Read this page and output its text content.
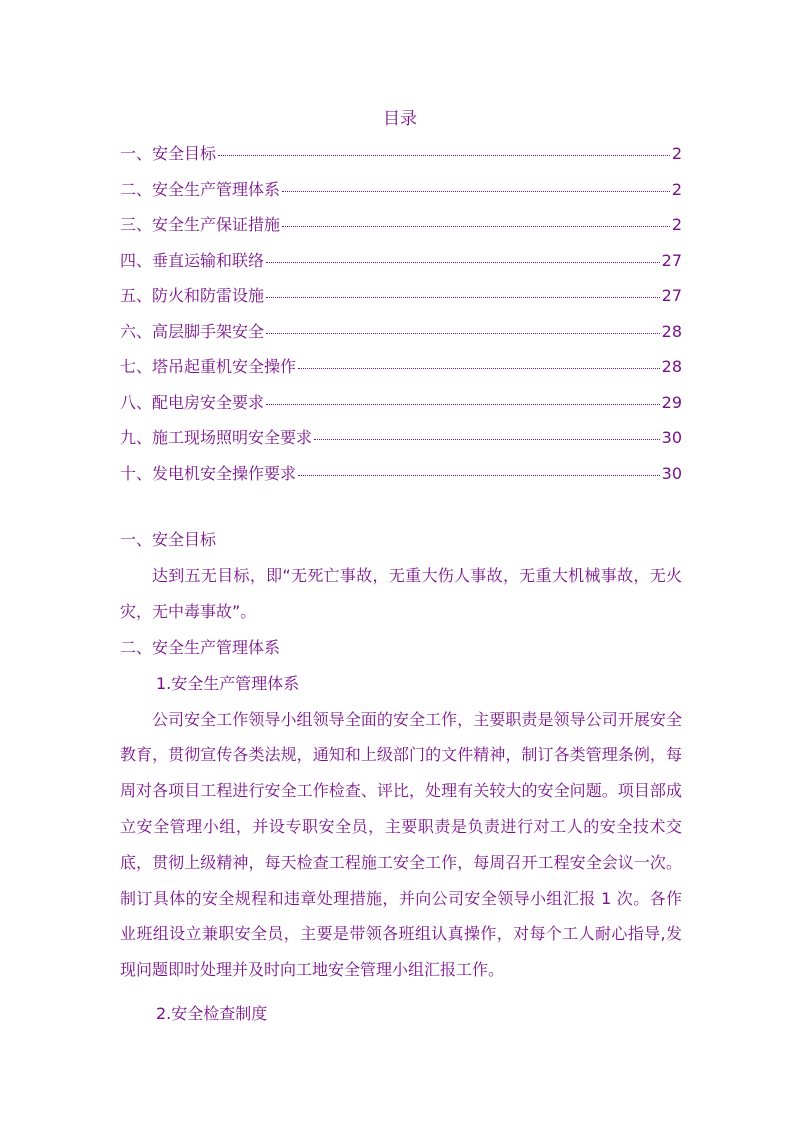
目录
一、安全目标	2
二、安全生产管理体系	2
三、安全生产保证措施	2
四、垂直运输和联络	27
五、防火和防雷设施	27
六、高层脚手架安全	28
七、塔吊起重机安全操作	28
八、配电房安全要求	29
九、施工现场照明安全要求	30
十、发电机安全操作要求	30
一、安全目标
达到五无目标，即“无死亡事故，无重大伤人事故，无重大机械事故，无火灾，无中毒事故”。
二、安全生产管理体系
1.安全生产管理体系
公司安全工作领导小组领导全面的安全工作，主要职责是领导公司开展安全教育，贯彻宣传各类法规，通知和上级部门的文件精神，制订各类管理条例，每周对各项目工程进行安全工作检查、评比，处理有关较大的安全问题。项目部成立安全管理小组，并设专职安全员，主要职责是负责进行对工人的安全技术交底，贯彻上级精神，每天检查工程施工安全工作，每周召开工程安全会议一次。制订具体的安全规程和违章处理措施，并向公司安全领导小组汇报 1 次。各作业班组设立兼职安全员，主要是带领各班组认真操作，对每个工人耐心指导,发现问题即时处理并及时向工地安全管理小组汇报工作。
2.安全检查制度
